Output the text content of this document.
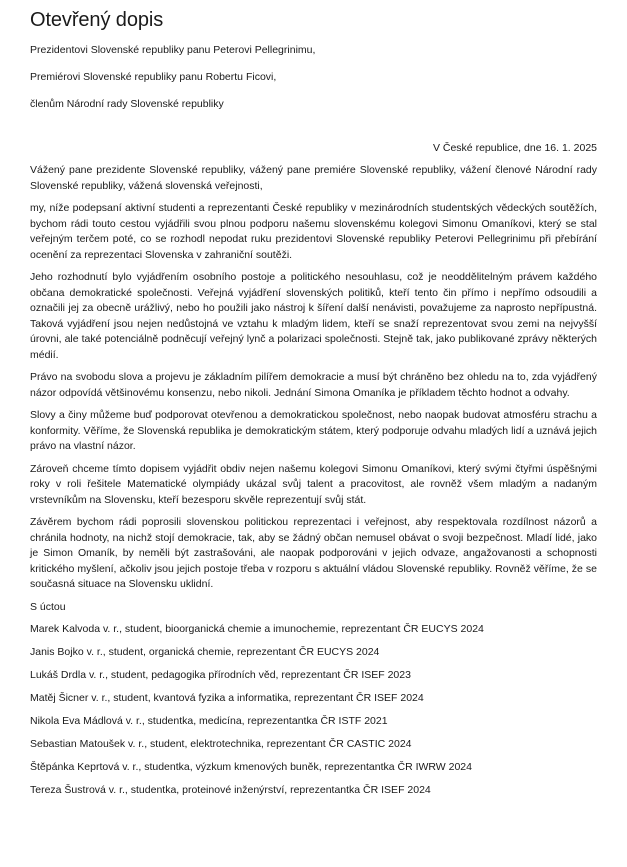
Otevřený dopis

Prezidentovi Slovenské republiky panu Peterovi Pellegrinimu,

Premiérovi Slovenské republiky panu Robertu Ficovi,

členům Národní rady Slovenské republiky

V České republice, dne 16. 1. 2025

Vážený pane prezidente Slovenské republiky, vážený pane premiére Slovenské republiky, vážení členové Národní rady Slovenské republiky, vážená slovenská veřejnosti,

my, níže podepsaní aktivní studenti a reprezentanti České republiky v mezinárodních studentských vědeckých soutěžích, bychom rádi touto cestou vyjádřili svou plnou podporu našemu slovenskému kolegovi Simonu Omaníkovi, který se stal veřejným terčem poté, co se rozhodl nepodat ruku prezidentovi Slovenské republiky Peterovi Pellegrinimu při přebírání ocenění za reprezentaci Slovenska v zahraniční soutěži.

Jeho rozhodnutí bylo vyjádřením osobního postoje a politického nesouhlasu, což je neoddělitelným právem každého občana demokratické společnosti. Veřejná vyjádření slovenských politiků, kteří tento čin přímo i nepřímo odsoudili a označili jej za obecně urážlivý, nebo ho použili jako nástroj k šíření další nenávisti, považujeme za naprosto nepřípustná. Taková vyjádření jsou nejen nedůstojná ve vztahu k mladým lidem, kteří se snaží reprezentovat svou zemi na nejvyšší úrovni, ale také potenciálně podněcují veřejný lynč a polarizaci společnosti. Stejně tak, jako publikované zprávy některých médií.

Právo na svobodu slova a projevu je základním pilířem demokracie a musí být chráněno bez ohledu na to, zda vyjádřený názor odpovídá většinovému konsenzu, nebo nikoli. Jednání Simona Omaníka je příkladem těchto hodnot a odvahy.

Slovy a činy můžeme buď podporovat otevřenou a demokratickou společnost, nebo naopak budovat atmosféru strachu a konformity. Věříme, že Slovenská republika je demokratickým státem, který podporuje odvahu mladých lidí a uznává jejich právo na vlastní názor.

Zároveň chceme tímto dopisem vyjádřit obdiv nejen našemu kolegovi Simonu Omaníkovi, který svými čtyřmi úspěšnými roky v roli řešitele Matematické olympiády ukázal svůj talent a pracovitost, ale rovněž všem mladým a nadaným vrstevníkům na Slovensku, kteří bezesporu skvěle reprezentují svůj stát.

Závěrem bychom rádi poprosili slovenskou politickou reprezentaci i veřejnost, aby respektovala rozdílnost názorů a chránila hodnoty, na nichž stojí demokracie, tak, aby se žádný občan nemusel obávat o svoji bezpečnost. Mladí lidé, jako je Simon Omaník, by neměli být zastrašováni, ale naopak podporováni v jejich odvaze, angažovanosti a schopnosti kritického myšlení, ačkoliv jsou jejich postoje třeba v rozporu s aktuální vládou Slovenské republiky. Rovněž věříme, že se současná situace na Slovensku uklidní.

S úctou

Marek Kalvoda v. r., student, bioorganická chemie a imunochemie, reprezentant ČR EUCYS 2024

Janis Bojko v. r., student, organická chemie, reprezentant ČR EUCYS 2024

Lukáš Drdla v. r., student, pedagogika přírodních věd, reprezentant ČR ISEF 2023

Matěj Šicner v. r., student, kvantová fyzika a informatika, reprezentant ČR ISEF 2024

Nikola Eva Mádlová v. r., studentka, medicína, reprezentantka ČR ISTF 2021

Sebastian Matoušek v. r., student, elektrotechnika, reprezentant ČR CASTIC 2024

Štěpánka Keprtová v. r., studentka, výzkum kmenových buněk, reprezentantka ČR IWRW 2024

Tereza Šustrová v. r., studentka, proteinové inženýrství, reprezentantka ČR ISEF 2024
